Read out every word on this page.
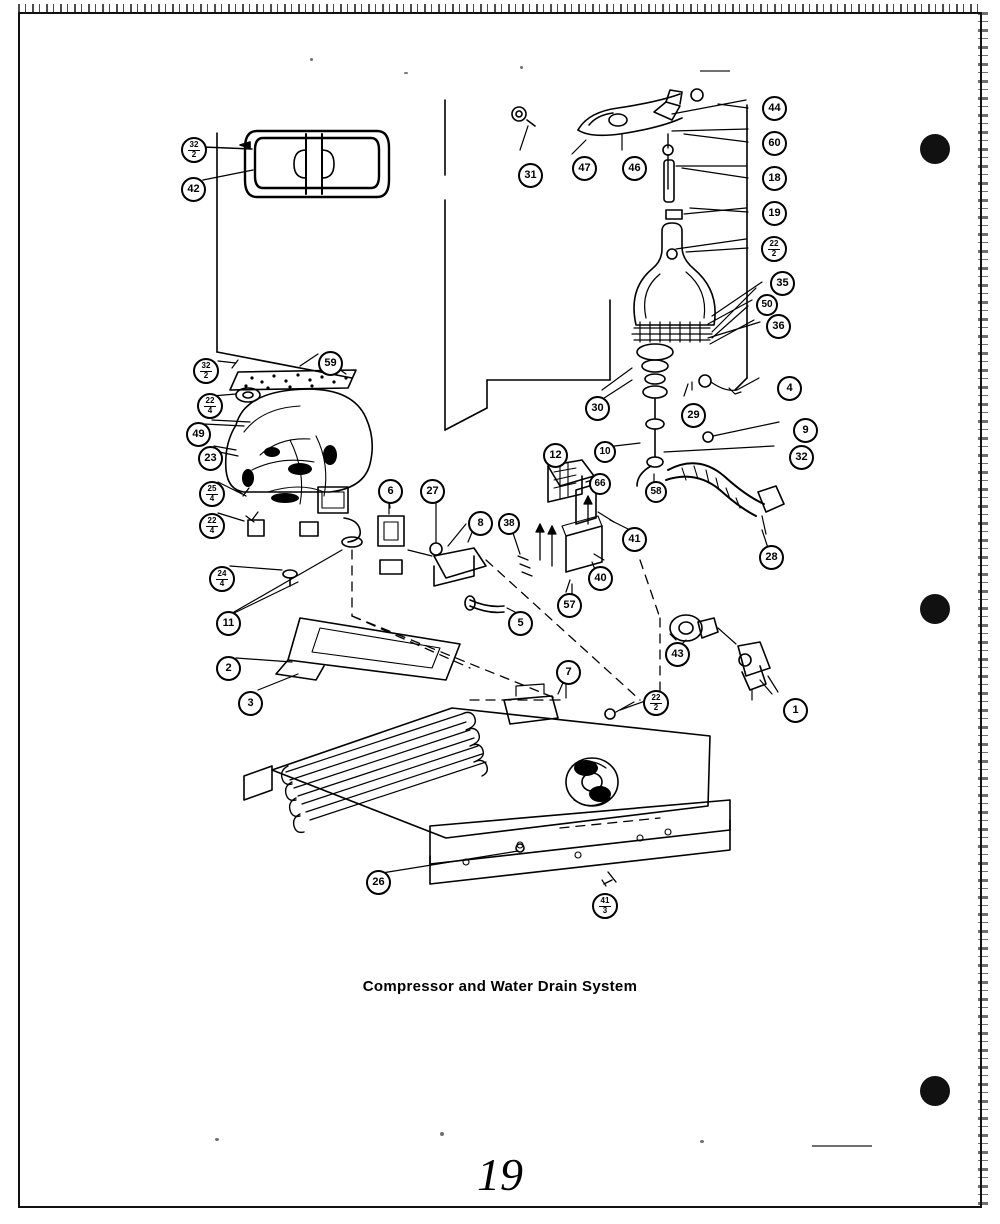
32
2
42
31
47	46
44
60
18
19
22
2
35
50
36
4
9
32
28
1
43
29
30
10
12
66
58
41
40
57
38
8
5
27
6
59
32
2
22
4
49
23
25
4
22
4
24
4
11
2
3
7
22
2
26
41
3
Compressor and Water Drain System
19
